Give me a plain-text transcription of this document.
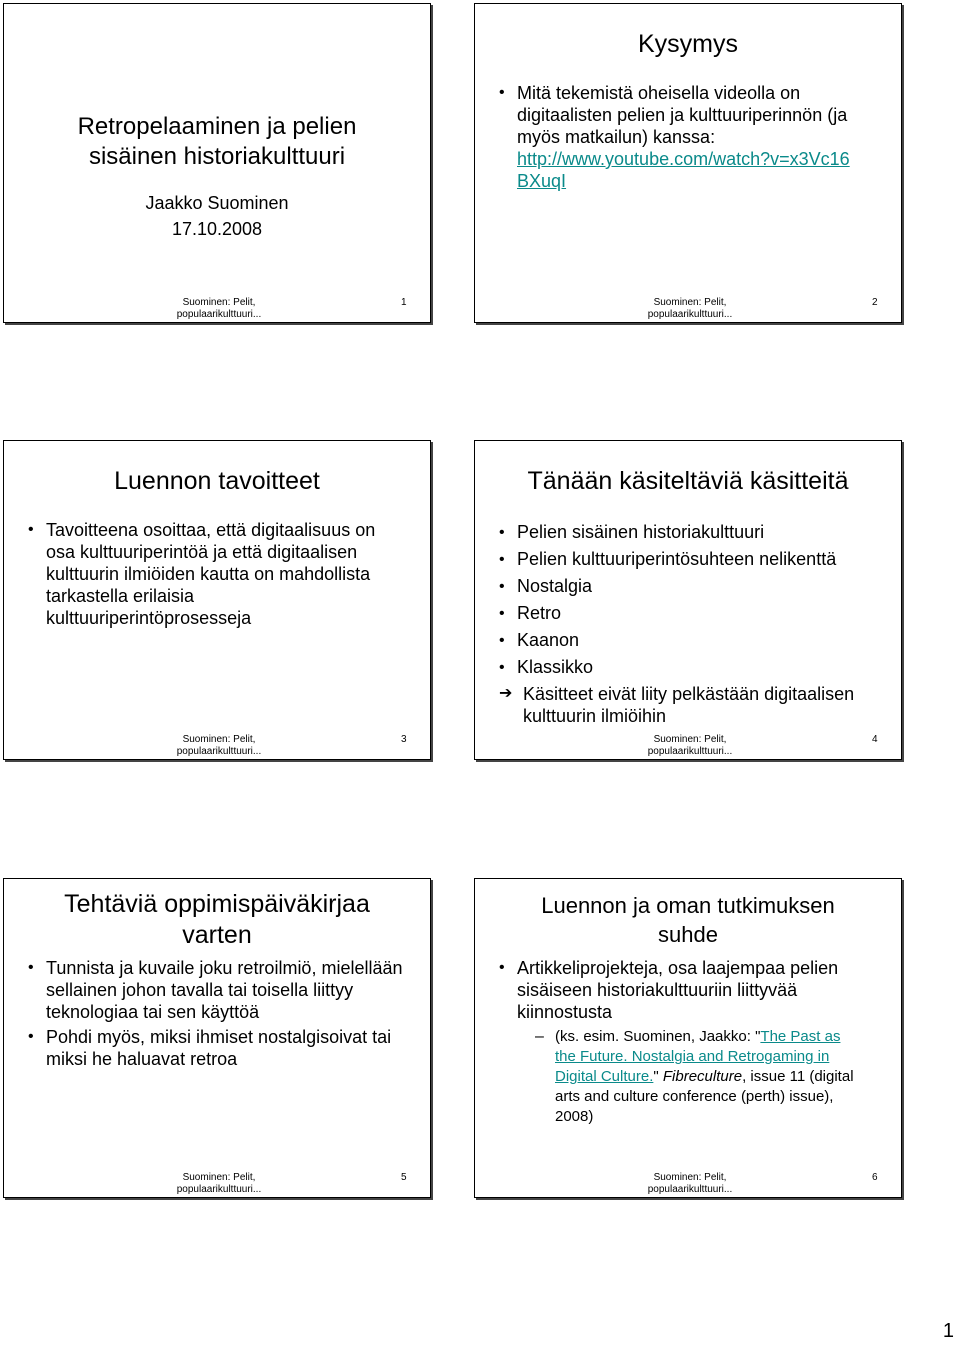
Retropelaaminen ja pelien
sisäinen historiakulttuuri
Jaakko Suominen
17.10.2008
Suominen: Pelit,
populaarikulttuuri...
1
Kysymys
• Mitä tekemistä oheisella videolla on digitaalisten pelien ja kulttuuriperinnön (ja myös matkailun) kanssa: http://www.youtube.com/watch?v=x3Vc16 BXuqI
Suominen: Pelit,
populaarikulttuuri...
2
Luennon tavoitteet
• Tavoitteena osoittaa, että digitaalisuus on osa kulttuuriperintöä ja että digitaalisen kulttuurin ilmiöiden kautta on mahdollista tarkastella erilaisia kulttuuriperintöprosesseja
Suominen: Pelit,
populaarikulttuuri...
3
Tänään käsiteltäviä käsitteitä
• Pelien sisäinen historiakulttuuri
• Pelien kulttuuriperintösuhteen nelikenttä
• Nostalgia
• Retro
• Kaanon
• Klassikko
➔ Käsitteet eivät liity pelkästään digitaalisen kulttuurin ilmiöihin
Suominen: Pelit,
populaarikulttuuri...
4
Tehtäviä oppimispäiväkirjaa varten
• Tunnista ja kuvaile joku retroilmiö, mielellään sellainen johon tavalla tai toisella liittyy teknologiaa tai sen käyttöä
• Pohdi myös, miksi ihmiset nostalgisoivat tai miksi he haluavat retroa
Suominen: Pelit,
populaarikulttuuri...
5
Luennon ja oman tutkimuksen suhde
• Artikkeliprojekteja, osa laajempaa pelien sisäiseen historiakulttuuriin liittyvää kiinnostusta
– (ks. esim. Suominen, Jaakko: "The Past as the Future. Nostalgia and Retrogaming in Digital Culture." Fibreculture, issue 11 (digital arts and culture conference (perth) issue), 2008)
Suominen: Pelit,
populaarikulttuuri...
6
1
